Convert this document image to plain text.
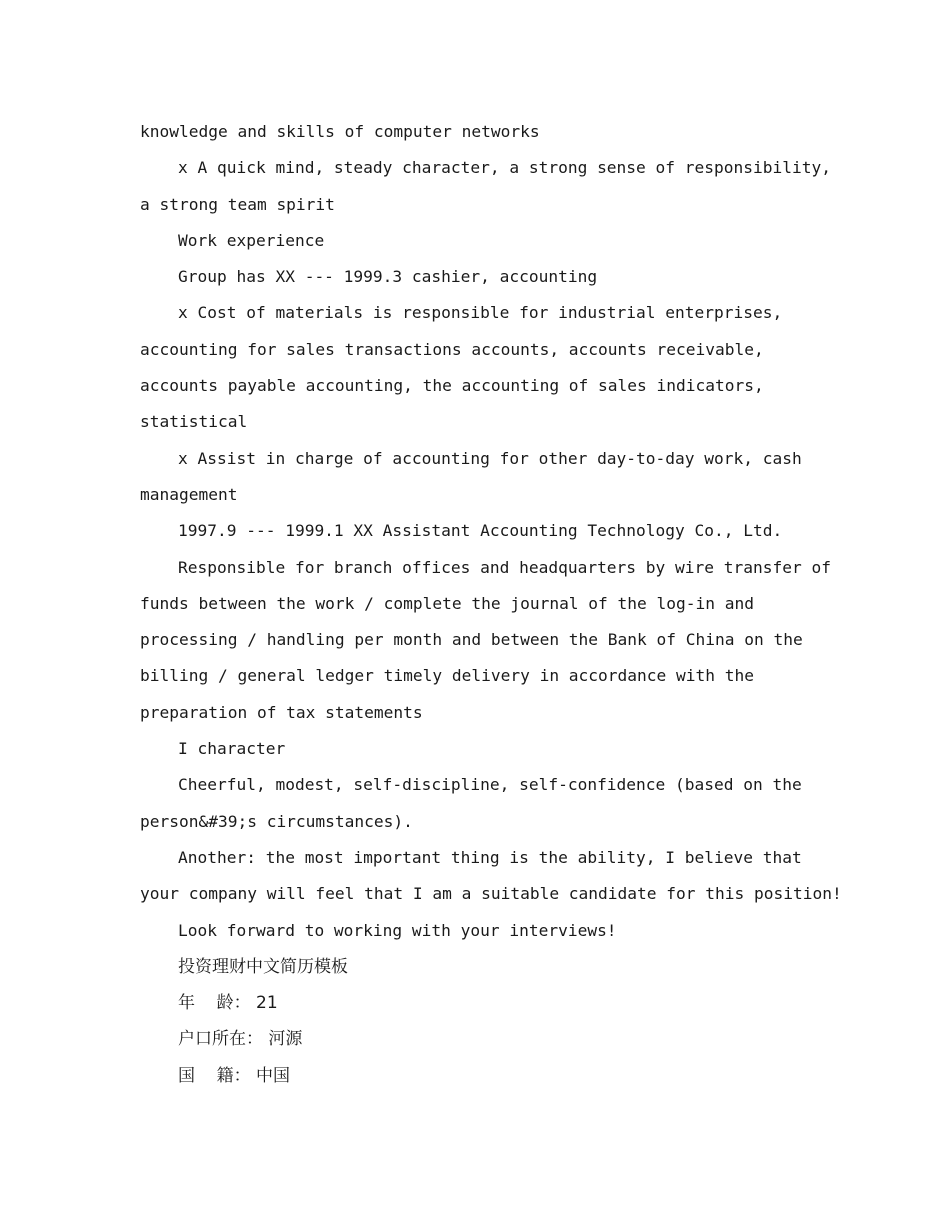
knowledge and skills of computer networks
x A quick mind, steady character, a strong sense of responsibility,
a strong team spirit
Work experience
Group has XX --- 1999.3 cashier, accounting
x Cost of materials is responsible for industrial enterprises,
accounting for sales transactions accounts, accounts receivable,
accounts payable accounting, the accounting of sales indicators,
statistical
x Assist in charge of accounting for other day-to-day work, cash
management
1997.9 --- 1999.1 XX Assistant Accounting Technology Co., Ltd.
Responsible for branch offices and headquarters by wire transfer of
funds between the work / complete the journal of the log-in and
processing / handling per month and between the Bank of China on the
billing / general ledger timely delivery in accordance with the
preparation of tax statements
I character
Cheerful, modest, self-discipline, self-confidence (based on the
person&#39;s circumstances).
Another: the most important thing is the ability, I believe that
your company will feel that I am a suitable candidate for this position!
Look forward to working with your interviews!
投资理财中文简历模板
年    龄： 21
户口所在： 河源
国    籍： 中国
